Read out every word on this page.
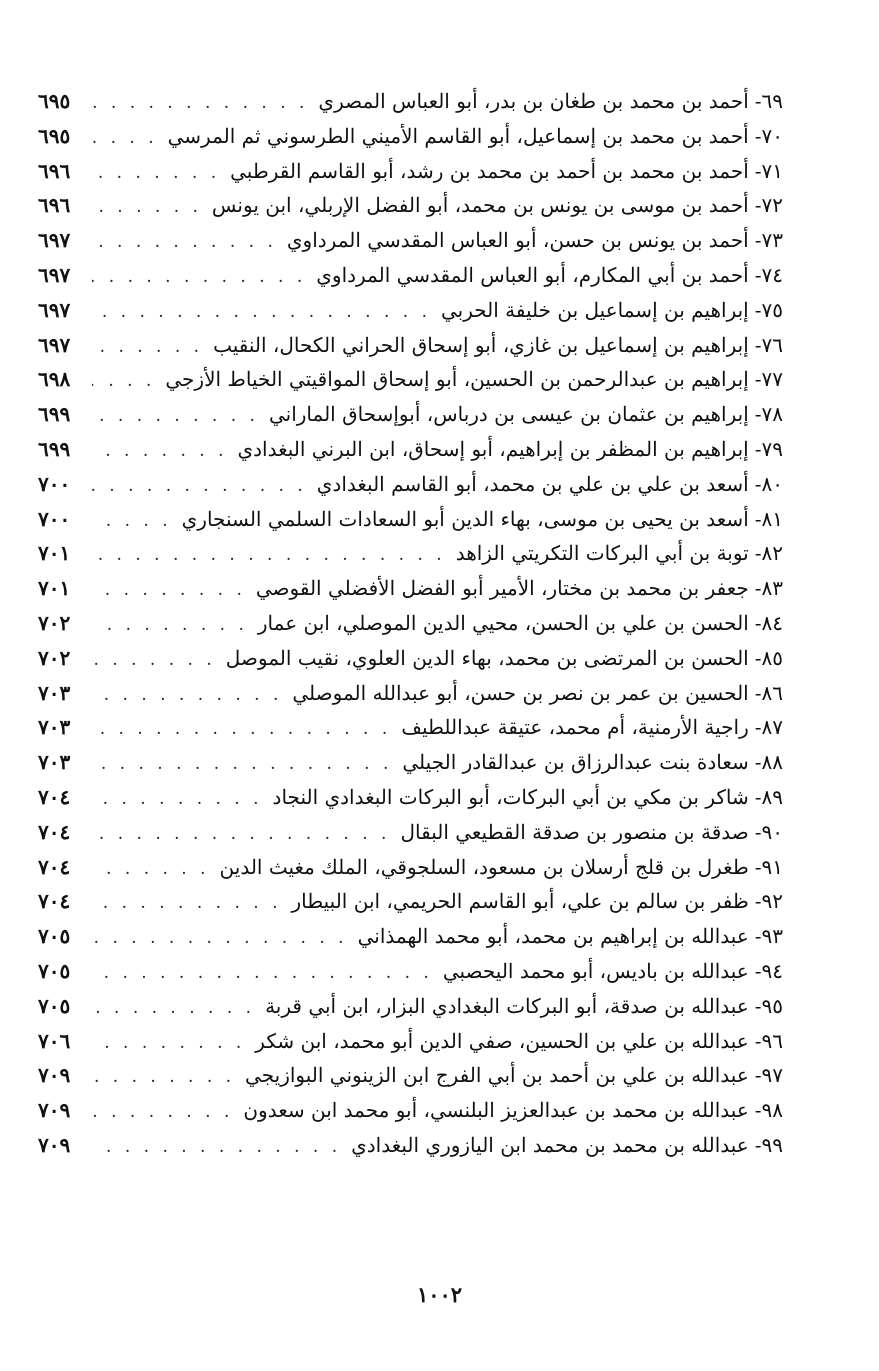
٦٩-
أحمد بن محمد بن طغان بن بدر، أبو العباس المصري
. . .
٦٩٥
٧٠-
أحمد بن محمد بن إسماعيل، أبو القاسم الأميني الطرسوني ثم المرسي
. . .
٦٩٥
٧١-
أحمد بن محمد بن أحمد بن محمد بن رشد، أبو القاسم القرطبي
. . .
٦٩٦
٧٢-
أحمد بن موسى بن يونس بن محمد، أبو الفضل الإربلي، ابن يونس
. . .
٦٩٦
٧٣-
أحمد بن يونس بن حسن، أبو العباس المقدسي المرداوي
. . .
٦٩٧
٧٤-
أحمد بن أبي المكارم، أبو العباس المقدسي المرداوي
. . .
٦٩٧
٧٥-
إبراهيم بن إسماعيل بن خليفة الحربي
. . .
٦٩٧
٧٦-
إبراهيم بن إسماعيل بن غازي، أبو إسحاق الحراني الكحال، النقيب
. . .
٦٩٧
٧٧-
إبراهيم بن عبدالرحمن بن الحسين، أبو إسحاق المواقيتي الخياط الأزجي
. . .
٦٩٨
٧٨-
إبراهيم بن عثمان بن عيسى بن درباس، أبوإسحاق الماراني
. . .
٦٩٩
٧٩-
إبراهيم بن المظفر بن إبراهيم، أبو إسحاق، ابن البرني البغدادي
. . .
٦٩٩
٨٠-
أسعد بن علي بن علي بن محمد، أبو القاسم البغدادي
. . .
٧٠٠
٨١-
أسعد بن يحيى بن موسى، بهاء الدين أبو السعادات السلمي السنجاري
. . .
٧٠٠
٨٢-
توبة بن أبي البركات التكريتي الزاهد
. . .
٧٠١
٨٣-
جعفر بن محمد بن مختار، الأمير أبو الفضل الأفضلي القوصي
. . .
٧٠١
٨٤-
الحسن بن علي بن الحسن، محيي الدين الموصلي، ابن عمار
. . .
٧٠٢
٨٥-
الحسن بن المرتضى بن محمد، بهاء الدين العلوي، نقيب الموصل
. . .
٧٠٢
٨٦-
الحسين بن عمر بن نصر بن حسن، أبو عبدالله الموصلي
. . .
٧٠٣
٨٧-
راجية الأرمنية، أم محمد، عتيقة عبداللطيف
. . .
٧٠٣
٨٨-
سعادة بنت عبدالرزاق بن عبدالقادر الجيلي
. . .
٧٠٣
٨٩-
شاكر بن مكي بن أبي البركات، أبو البركات البغدادي النجاد
. . .
٧٠٤
٩٠-
صدقة بن منصور بن صدقة القطيعي البقال
. . .
٧٠٤
٩١-
طغرل بن قلج أرسلان بن مسعود، السلجوقي، الملك مغيث الدين
. . .
٧٠٤
٩٢-
ظفر بن سالم بن علي، أبو القاسم الحريمي، ابن البيطار
. . .
٧٠٤
٩٣-
عبدالله بن إبراهيم بن محمد، أبو محمد الهمذاني
. . .
٧٠٥
٩٤-
عبدالله بن باديس، أبو محمد اليحصبي
. . .
٧٠٥
٩٥-
عبدالله بن صدقة، أبو البركات البغدادي البزار، ابن أبي قربة
. . .
٧٠٥
٩٦-
عبدالله بن علي بن الحسين، صفي الدين أبو محمد، ابن شكر
. . .
٧٠٦
٩٧-
عبدالله بن علي بن أحمد بن أبي الفرج ابن الزينوني البوازيجي
. . .
٧٠٩
٩٨-
عبدالله بن محمد بن عبدالعزيز البلنسي، أبو محمد ابن سعدون
. . .
٧٠٩
٩٩-
عبدالله بن محمد بن محمد ابن اليازوري البغدادي
. . .
٧٠٩
١٠٠٢
